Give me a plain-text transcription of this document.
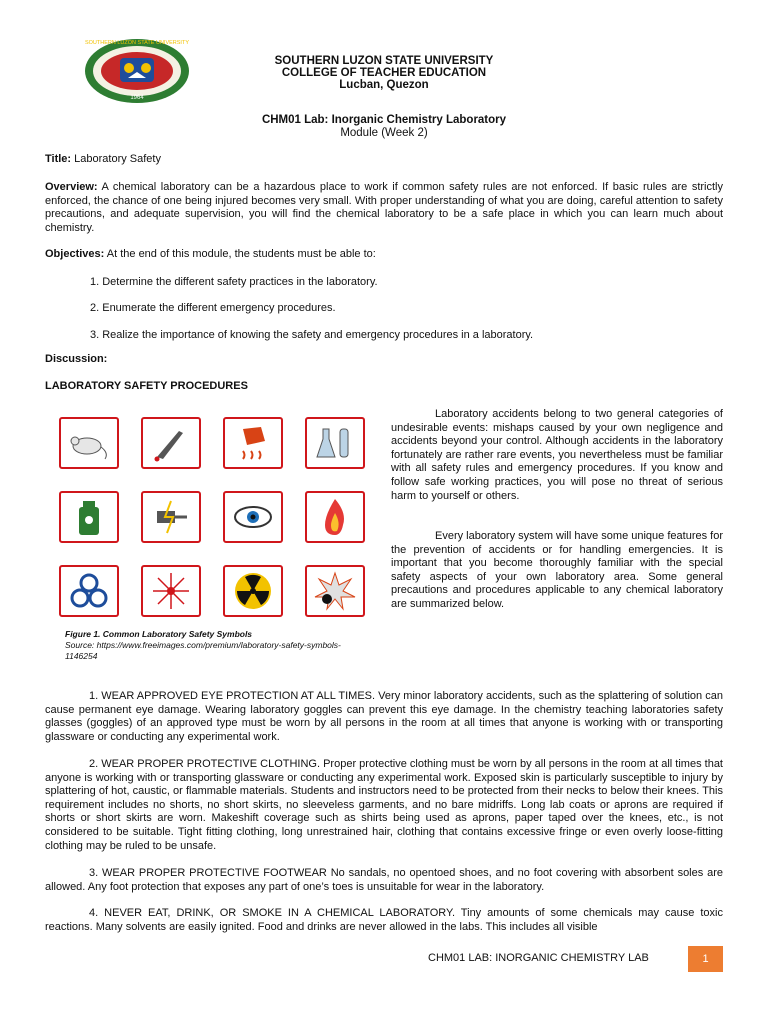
SOUTHERN LUZON STATE UNIVERSITY
1964
SOUTHERN LUZON STATE UNIVERSITY
COLLEGE OF TEACHER EDUCATION
Lucban, Quezon
CHM01 Lab: Inorganic Chemistry Laboratory
Module (Week 2)
Title: Laboratory Safety
Overview: A chemical laboratory can be a hazardous place to work if common safety rules are not enforced. If basic rules are strictly enforced, the chance of one being injured becomes very small. With proper understanding of what you are doing, careful attention to safety precautions, and adequate supervision, you will find the chemical laboratory to be a safe place in which you can learn much about chemistry.
Objectives: At the end of this module, the students must be able to:
1. Determine the different safety practices in the laboratory.
2. Enumerate the different emergency procedures.
3. Realize the importance of knowing the safety and emergency procedures in a laboratory.
Discussion:
LABORATORY SAFETY PROCEDURES
Figure 1. Common Laboratory Safety Symbols
Source: https://www.freeimages.com/premium/laboratory-safety-symbols-1146254
Laboratory accidents belong to two general categories of undesirable events: mishaps caused by your own negligence and accidents beyond your control. Although accidents in the laboratory fortunately are rather rare events, you nevertheless must be familiar with all safety rules and emergency procedures. If you know and follow safe working practices, you will pose no threat of serious harm to yourself or others.
Every laboratory system will have some unique features for the prevention of accidents or for handling emergencies. It is important that you become thoroughly familiar with the special safety aspects of your own laboratory area. Some general precautions and procedures applicable to any chemical laboratory are summarized below.
1. WEAR APPROVED EYE PROTECTION AT ALL TIMES. Very minor laboratory accidents, such as the splattering of solution can cause permanent eye damage. Wearing laboratory goggles can prevent this eye damage. In the chemistry teaching laboratories safety glasses (goggles) of an approved type must be worn by all persons in the room at all times that anyone is working with or transporting glassware or conducting any experimental work.
2. WEAR PROPER PROTECTIVE CLOTHING. Proper protective clothing must be worn by all persons in the room at all times that anyone is working with or transporting glassware or conducting any experimental work. Exposed skin is particularly susceptible to injury by splattering of hot, caustic, or flammable materials. Students and instructors need to be protected from their necks to below their knees. This requirement includes no shorts, no short skirts, no sleeveless garments, and no bare midriffs. Long lab coats or aprons are required if shorts or short skirts are worn. Makeshift coverage such as shirts being used as aprons, paper taped over the knees, etc., is not considered to be suitable. Tight fitting clothing, long unrestrained hair, clothing that contains excessive fringe or even overly loose-fitting clothing may be ruled to be unsafe.
3. WEAR PROPER PROTECTIVE FOOTWEAR No sandals, no opentoed shoes, and no foot covering with absorbent soles are allowed. Any foot protection that exposes any part of one’s toes is unsuitable for wear in the laboratory.
4. NEVER EAT, DRINK, OR SMOKE IN A CHEMICAL LABORATORY. Tiny amounts of some chemicals may cause toxic reactions. Many solvents are easily ignited. Food and drinks are never allowed in the labs. This includes all visible
CHM01 LAB: INORGANIC CHEMISTRY LAB	1
